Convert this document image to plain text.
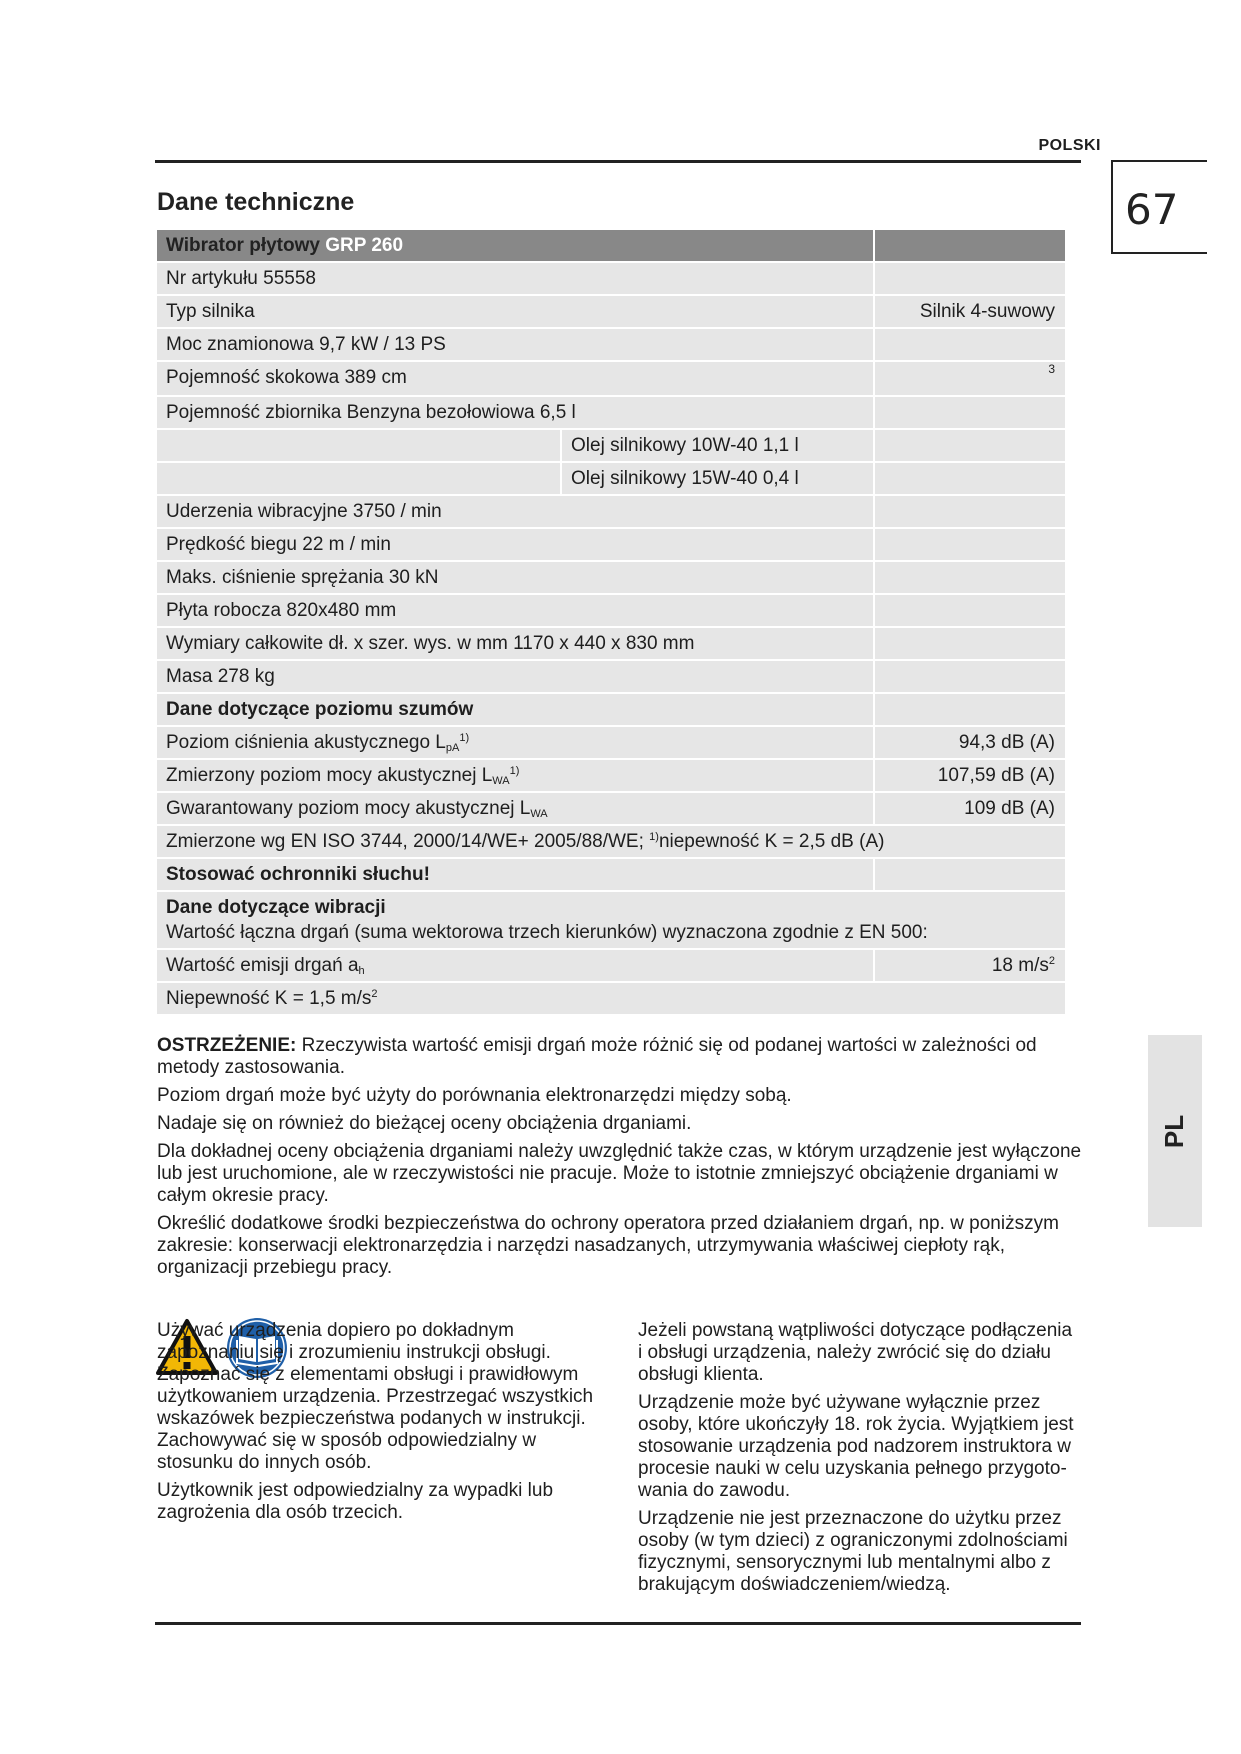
POLSKI
67
Dane techniczne
Wibrator płytowy GRP 260
Nr artykułu 55558
Typ silnika	Silnik 4-suwowy
Moc znamionowa 9,7 kW / 13 PS
Pojemność skokowa 389 cm	$^3$
Pojemność zbiornika Benzyna bezołowiowa 6,5 l

Olej silnikowy 10W-40 1,1 l

Olej silnikowy 15W-40 0,4 l
Uderzenia wibracyjne 3750 / min
Prędkość biegu 22 m / min
Maks. ciśnienie sprężania 30 kN
Płyta robocza 820x480 mm
Wymiary całkowite dł. x szer. wys. w mm 1170 x 440 x 830 mm
Masa 278 kg
Dane dotyczące poziomu szumów
Poziom ciśnienia akustycznego $L_{pA}^{1)}$	94,3 dB (A)
Zmierzony poziom mocy akustycznej $L_{WA}^{1)}$	107,59 dB (A)
Gwarantowany poziom mocy akustycznej $L_{WA}$	109 dB (A)
Zmierzone wg EN ISO 3744, 2000/14/WE+ 2005/88/WE; $^{1)}$niepewność K = 2,5 dB (A)
Stosować ochronniki słuchu!
Dane dotyczące wibracji
Wartość łączna drgań (suma wektorowa trzech kierunków) wyznaczona zgodnie z EN 500:
Wartość emisji drgań $a_h$	18 $m/s^2$
Niepewność K = 1,5 $m/s^2$

OSTRZEŻENIE: Rzeczywista wartość emisji drgań może różnić się od podanej wartości w zależności od metody zastosowania.

Poziom drgań może być użyty do porównania elektronarzędzi między sobą.

Nadaje się on również do bieżącej oceny obciążenia drganiami.

Dla dokładnej oceny obciążenia drganiami należy uwzględnić także czas, w którym urządzenie jest wyłączone lub jest uruchomione, ale w rzeczywistości nie pracuje. Może to istotnie zmniejszyć obciążenie drganiami w całym okresie pracy.

Określić dodatkowe środki bezpieczeństwa do ochrony operatora przed działaniem drgań, np. w poniższym zakresie: konserwacji elektronarzędzia i narzędzi nasadzanych, utrzymywania właściwej ciepłoty rąk, organizacji przebiegu pracy.

Używać urządzenia dopiero po dokładnym zapoznaniu się i zrozumieniu instrukcji obsługi.

Zapoznać się z elementami obsługi i prawidłowym użytkowaniem urządzenia. Przestrzegać wszystkich wskazówek bezpieczeństwa podanych w instrukcji. Zachowywać się w sposób odpowiedzialny w stosunku do innych osób.

Użytkownik jest odpowiedzialny za wypadki lub zagrożenia dla osób trzecich.

Jeżeli powstaną wątpliwości dotyczące podłączenia i obsługi urządzenia, należy zwrócić się do działu obsługi klienta.

Urządzenie może być używane wyłącznie przez osoby, które ukończyły 18. rok życia. Wyjątkiem jest stosowanie urządzenia pod nadzorem instruktora w procesie nauki w celu uzyskania pełnego przygoto-wania do zawodu.

Urządzenie nie jest przeznaczone do użytku przez osoby (w tym dzieci) z ograniczonymi zdolnościami fizycznymi, sensorycznymi lub mentalnymi albo z brakującym doświadczeniem/wiedzą.

PL
